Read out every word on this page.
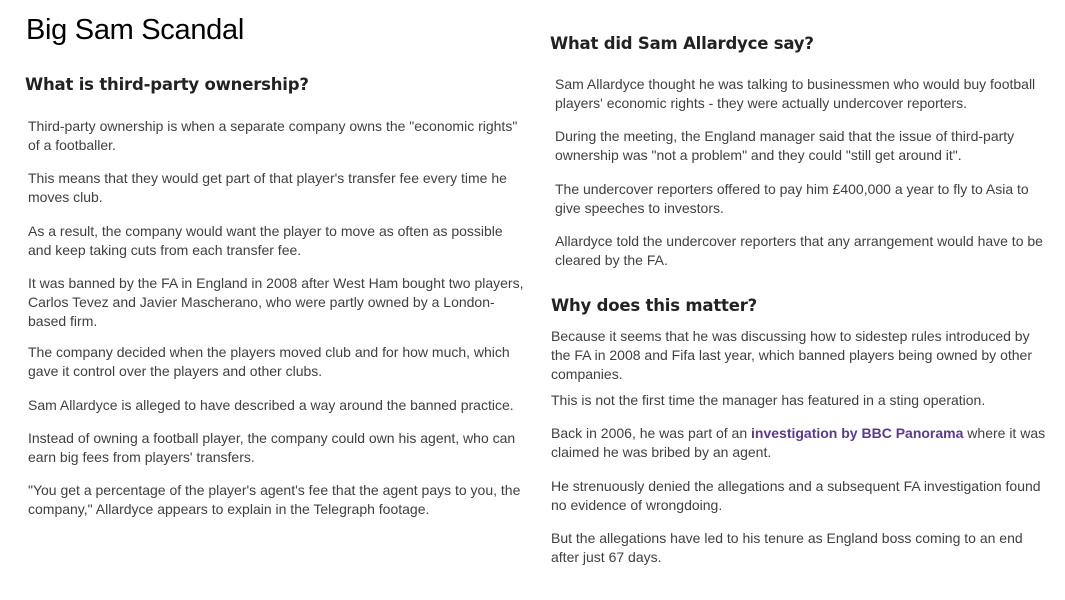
Big Sam Scandal
What is third-party ownership?

Third-party ownership is when a separate company owns the "economic rights" of a footballer.

This means that they would get part of that player's transfer fee every time he moves club.

As a result, the company would want the player to move as often as possible and keep taking cuts from each transfer fee.

It was banned by the FA in England in 2008 after West Ham bought two players, Carlos Tevez and Javier Mascherano, who were partly owned by a London-based firm.

The company decided when the players moved club and for how much, which gave it control over the players and other clubs.

Sam Allardyce is alleged to have described a way around the banned practice.

Instead of owning a football player, the company could own his agent, who can earn big fees from players' transfers.

"You get a percentage of the player's agent's fee that the agent pays to you, the company," Allardyce appears to explain in the Telegraph footage.

What did Sam Allardyce say?

Sam Allardyce thought he was talking to businessmen who would buy football players' economic rights - they were actually undercover reporters.

During the meeting, the England manager said that the issue of third-party ownership was "not a problem" and they could "still get around it".

The undercover reporters offered to pay him £400,000 a year to fly to Asia to give speeches to investors.

Allardyce told the undercover reporters that any arrangement would have to be cleared by the FA.

Why does this matter?

Because it seems that he was discussing how to sidestep rules introduced by the FA in 2008 and Fifa last year, which banned players being owned by other companies.

This is not the first time the manager has featured in a sting operation.

Back in 2006, he was part of an investigation by BBC Panorama where it was claimed he was bribed by an agent.

He strenuously denied the allegations and a subsequent FA investigation found no evidence of wrongdoing.

But the allegations have led to his tenure as England boss coming to an end after just 67 days.
